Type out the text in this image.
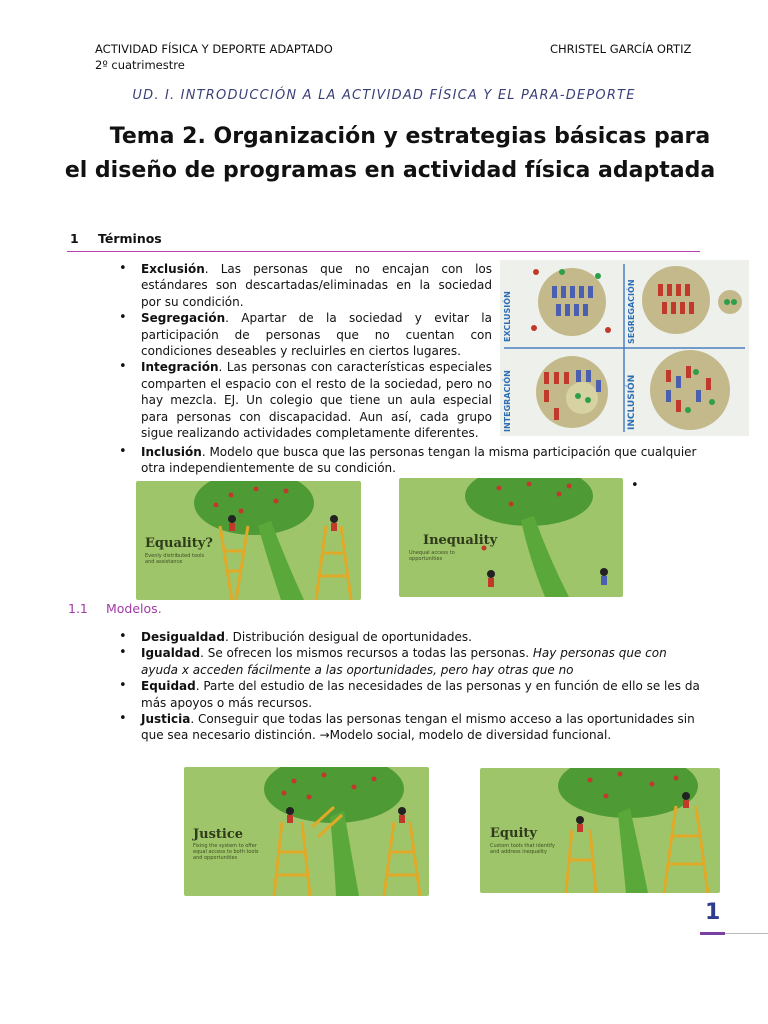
ACTIVIDAD FÍSICA Y DEPORTE ADAPTADO
2º cuatrimestre
CHRISTEL GARCÍA ORTIZ
UD. I. INTRODUCCIÓN A LA ACTIVIDAD FÍSICA Y EL PARA-DEPORTE
Tema 2. Organización y estrategias básicas para
el diseño de programas en actividad física adaptada
1 Términos
• Exclusión. Las personas que no encajan con los estándares son descartadas/eliminadas en la sociedad por su condición.
• Segregación. Apartar de la sociedad y evitar la participación de personas que no cuentan con condiciones deseables y recluirles en ciertos lugares.
• Integración. Las personas con características especiales comparten el espacio con el resto de la sociedad, pero no hay mezcla. EJ. Un colegio que tiene un aula especial para personas con discapacidad. Aun así, cada grupo sigue realizando actividades completamente diferentes.
• Inclusión. Modelo que busca que las personas tengan la misma participación que cualquier otra independientemente de su condición.
EXCLUSIÓN	SEGREGACIÓN
INTEGRACIÓN	INCLUSIÓN
Equality?
Evenly distributed tools and assistance
Inequality
Unequal access to opportunities
•
1.1 Modelos.
• Desigualdad. Distribución desigual de oportunidades.
• Igualdad. Se ofrecen los mismos recursos a todas las personas. Hay personas que con ayuda x acceden fácilmente a las oportunidades, pero hay otras que no
• Equidad. Parte del estudio de las necesidades de las personas y en función de ello se les da más apoyos o más recursos.
• Justicia. Conseguir que todas las personas tengan el mismo acceso a las oportunidades sin que sea necesario distinción. →Modelo social, modelo de diversidad funcional.
Justice
Fixing the system to offer equal access to both tools and opportunities
Equity
Custom tools that identify and address inequality
1
